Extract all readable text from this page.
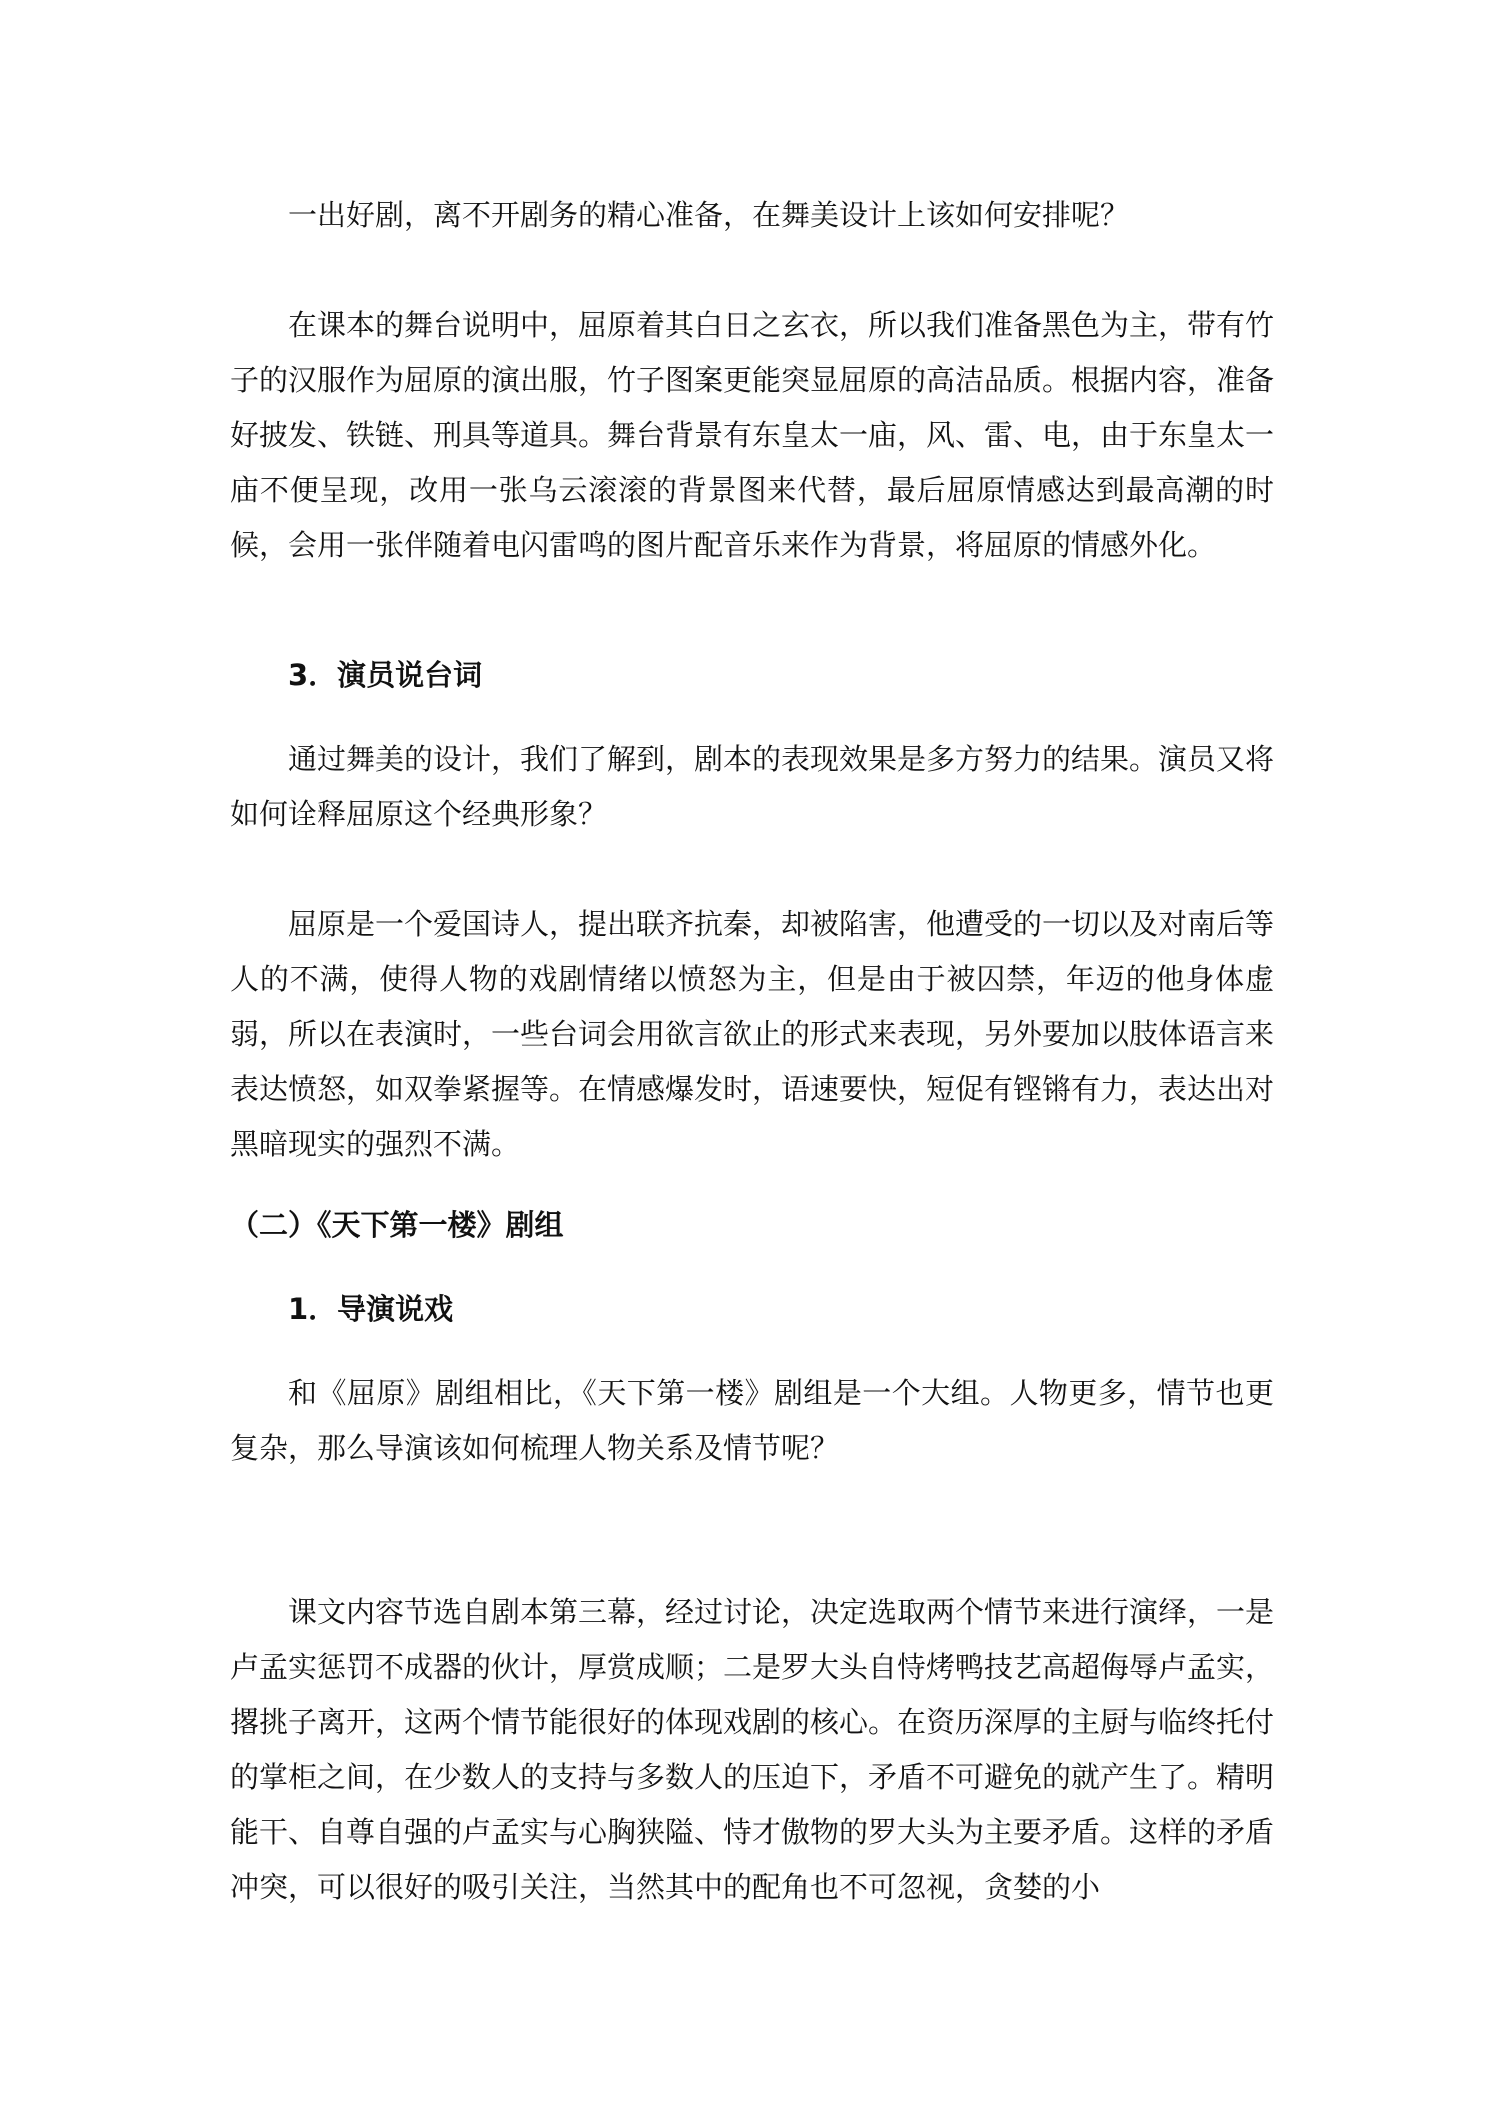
一出好剧，离不开剧务的精心准备，在舞美设计上该如何安排呢？

在课本的舞台说明中，屈原着其白日之玄衣，所以我们准备黑色为主，带有竹子的汉服作为屈原的演出服，竹子图案更能突显屈原的高洁品质。根据内容，准备好披发、铁链、刑具等道具。舞台背景有东皇太一庙，风、雷、电，由于东皇太一庙不便呈现，改用一张乌云滚滚的背景图来代替，最后屈原情感达到最高潮的时候，会用一张伴随着电闪雷鸣的图片配音乐来作为背景，将屈原的情感外化。

3．演员说台词

通过舞美的设计，我们了解到，剧本的表现效果是多方努力的结果。演员又将如何诠释屈原这个经典形象？

屈原是一个爱国诗人，提出联齐抗秦，却被陷害，他遭受的一切以及对南后等人的不满，使得人物的戏剧情绪以愤怒为主，但是由于被囚禁，年迈的他身体虚弱，所以在表演时，一些台词会用欲言欲止的形式来表现，另外要加以肢体语言来表达愤怒，如双拳紧握等。在情感爆发时，语速要快，短促有铿锵有力，表达出对黑暗现实的强烈不满。

（二）《天下第一楼》剧组
1．导演说戏

和《屈原》剧组相比，《天下第一楼》剧组是一个大组。人物更多，情节也更复杂，那么导演该如何梳理人物关系及情节呢？

课文内容节选自剧本第三幕，经过讨论，决定选取两个情节来进行演绎，一是卢孟实惩罚不成器的伙计，厚赏成顺；二是罗大头自恃烤鸭技艺高超侮辱卢孟实，撂挑子离开，这两个情节能很好的体现戏剧的核心。在资历深厚的主厨与临终托付的掌柜之间，在少数人的支持与多数人的压迫下，矛盾不可避免的就产生了。精明能干、自尊自强的卢孟实与心胸狭隘、恃才傲物的罗大头为主要矛盾。这样的矛盾冲突，可以很好的吸引关注，当然其中的配角也不可忽视，贪婪的小
